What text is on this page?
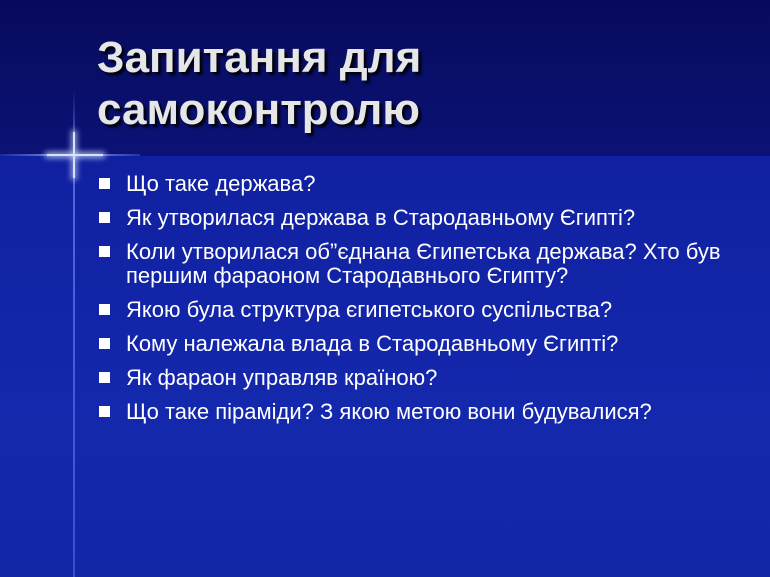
Запитання для самоконтролю
Що таке держава?
Як утворилася держава в Стародавньому Єгипті?
Коли утворилася об”єднана Єгипетська держава? Хто був першим фараоном Стародавнього Єгипту?
Якою була структура єгипетського суспільства?
Кому належала влада в Стародавньому Єгипті?
Як фараон управляв країною?
Що таке піраміди? З якою метою вони будувалися?
